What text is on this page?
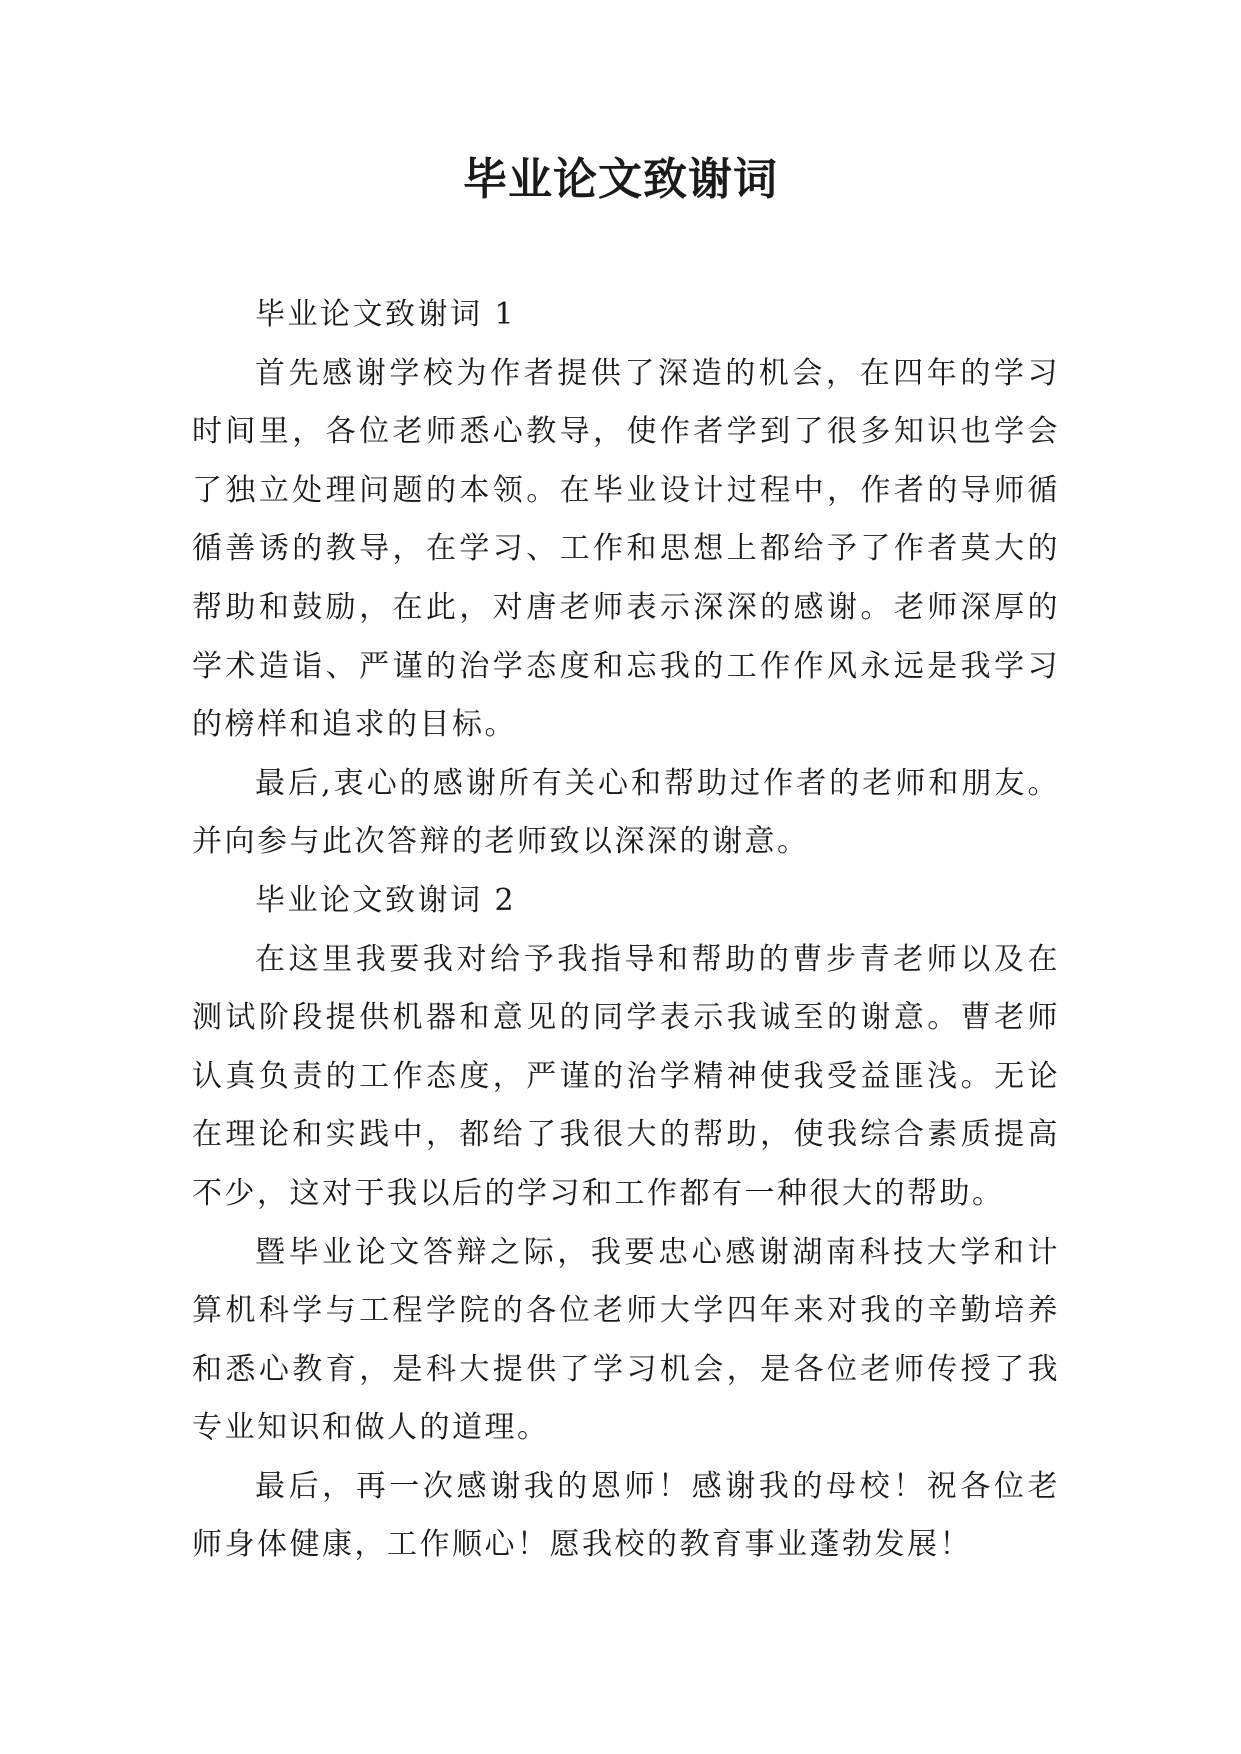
毕业论文致谢词

毕业论文致谢词 1

首先感谢学校为作者提供了深造的机会，在四年的学习时间里，各位老师悉心教导，使作者学到了很多知识也学会了独立处理问题的本领。在毕业设计过程中，作者的导师循循善诱的教导，在学习、工作和思想上都给予了作者莫大的帮助和鼓励，在此，对唐老师表示深深的感谢。老师深厚的学术造诣、严谨的治学态度和忘我的工作作风永远是我学习的榜样和追求的目标。

最后,衷心的感谢所有关心和帮助过作者的老师和朋友。并向参与此次答辩的老师致以深深的谢意。

毕业论文致谢词 2

在这里我要我对给予我指导和帮助的曹步青老师以及在测试阶段提供机器和意见的同学表示我诚至的谢意。曹老师认真负责的工作态度，严谨的治学精神使我受益匪浅。无论在理论和实践中，都给了我很大的帮助，使我综合素质提高不少，这对于我以后的学习和工作都有一种很大的帮助。

暨毕业论文答辩之际，我要忠心感谢湖南科技大学和计算机科学与工程学院的各位老师大学四年来对我的辛勤培养和悉心教育，是科大提供了学习机会，是各位老师传授了我专业知识和做人的道理。

最后，再一次感谢我的恩师！感谢我的母校！祝各位老师身体健康，工作顺心！愿我校的教育事业蓬勃发展！
